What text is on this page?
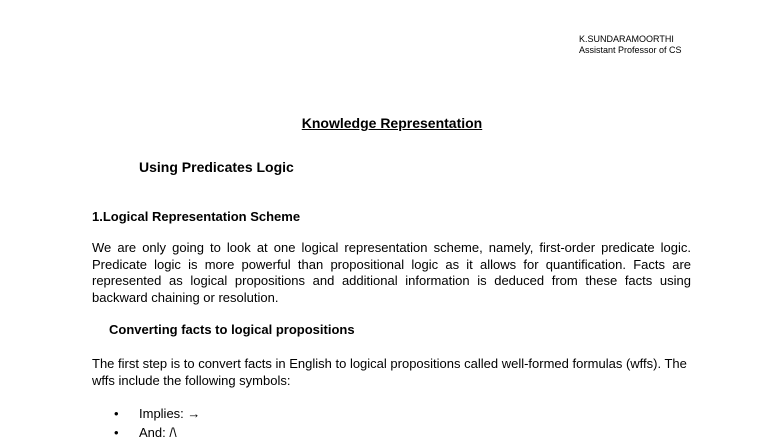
K.SUNDARAMOORTHI
Assistant Professor of CS
Knowledge Representation
Using Predicates Logic
1.Logical Representation Scheme

We are only going to look at one logical representation scheme, namely, first-order predicate logic. Predicate logic is more powerful than propositional logic as it allows for quantification. Facts are represented as logical propositions and additional information is deduced from these facts using backward chaining or resolution.

Converting facts to logical propositions

The first step is to convert facts in English to logical propositions called well-formed formulas (wffs). The wffs include the following symbols:

• Implies: →
• And: /\
